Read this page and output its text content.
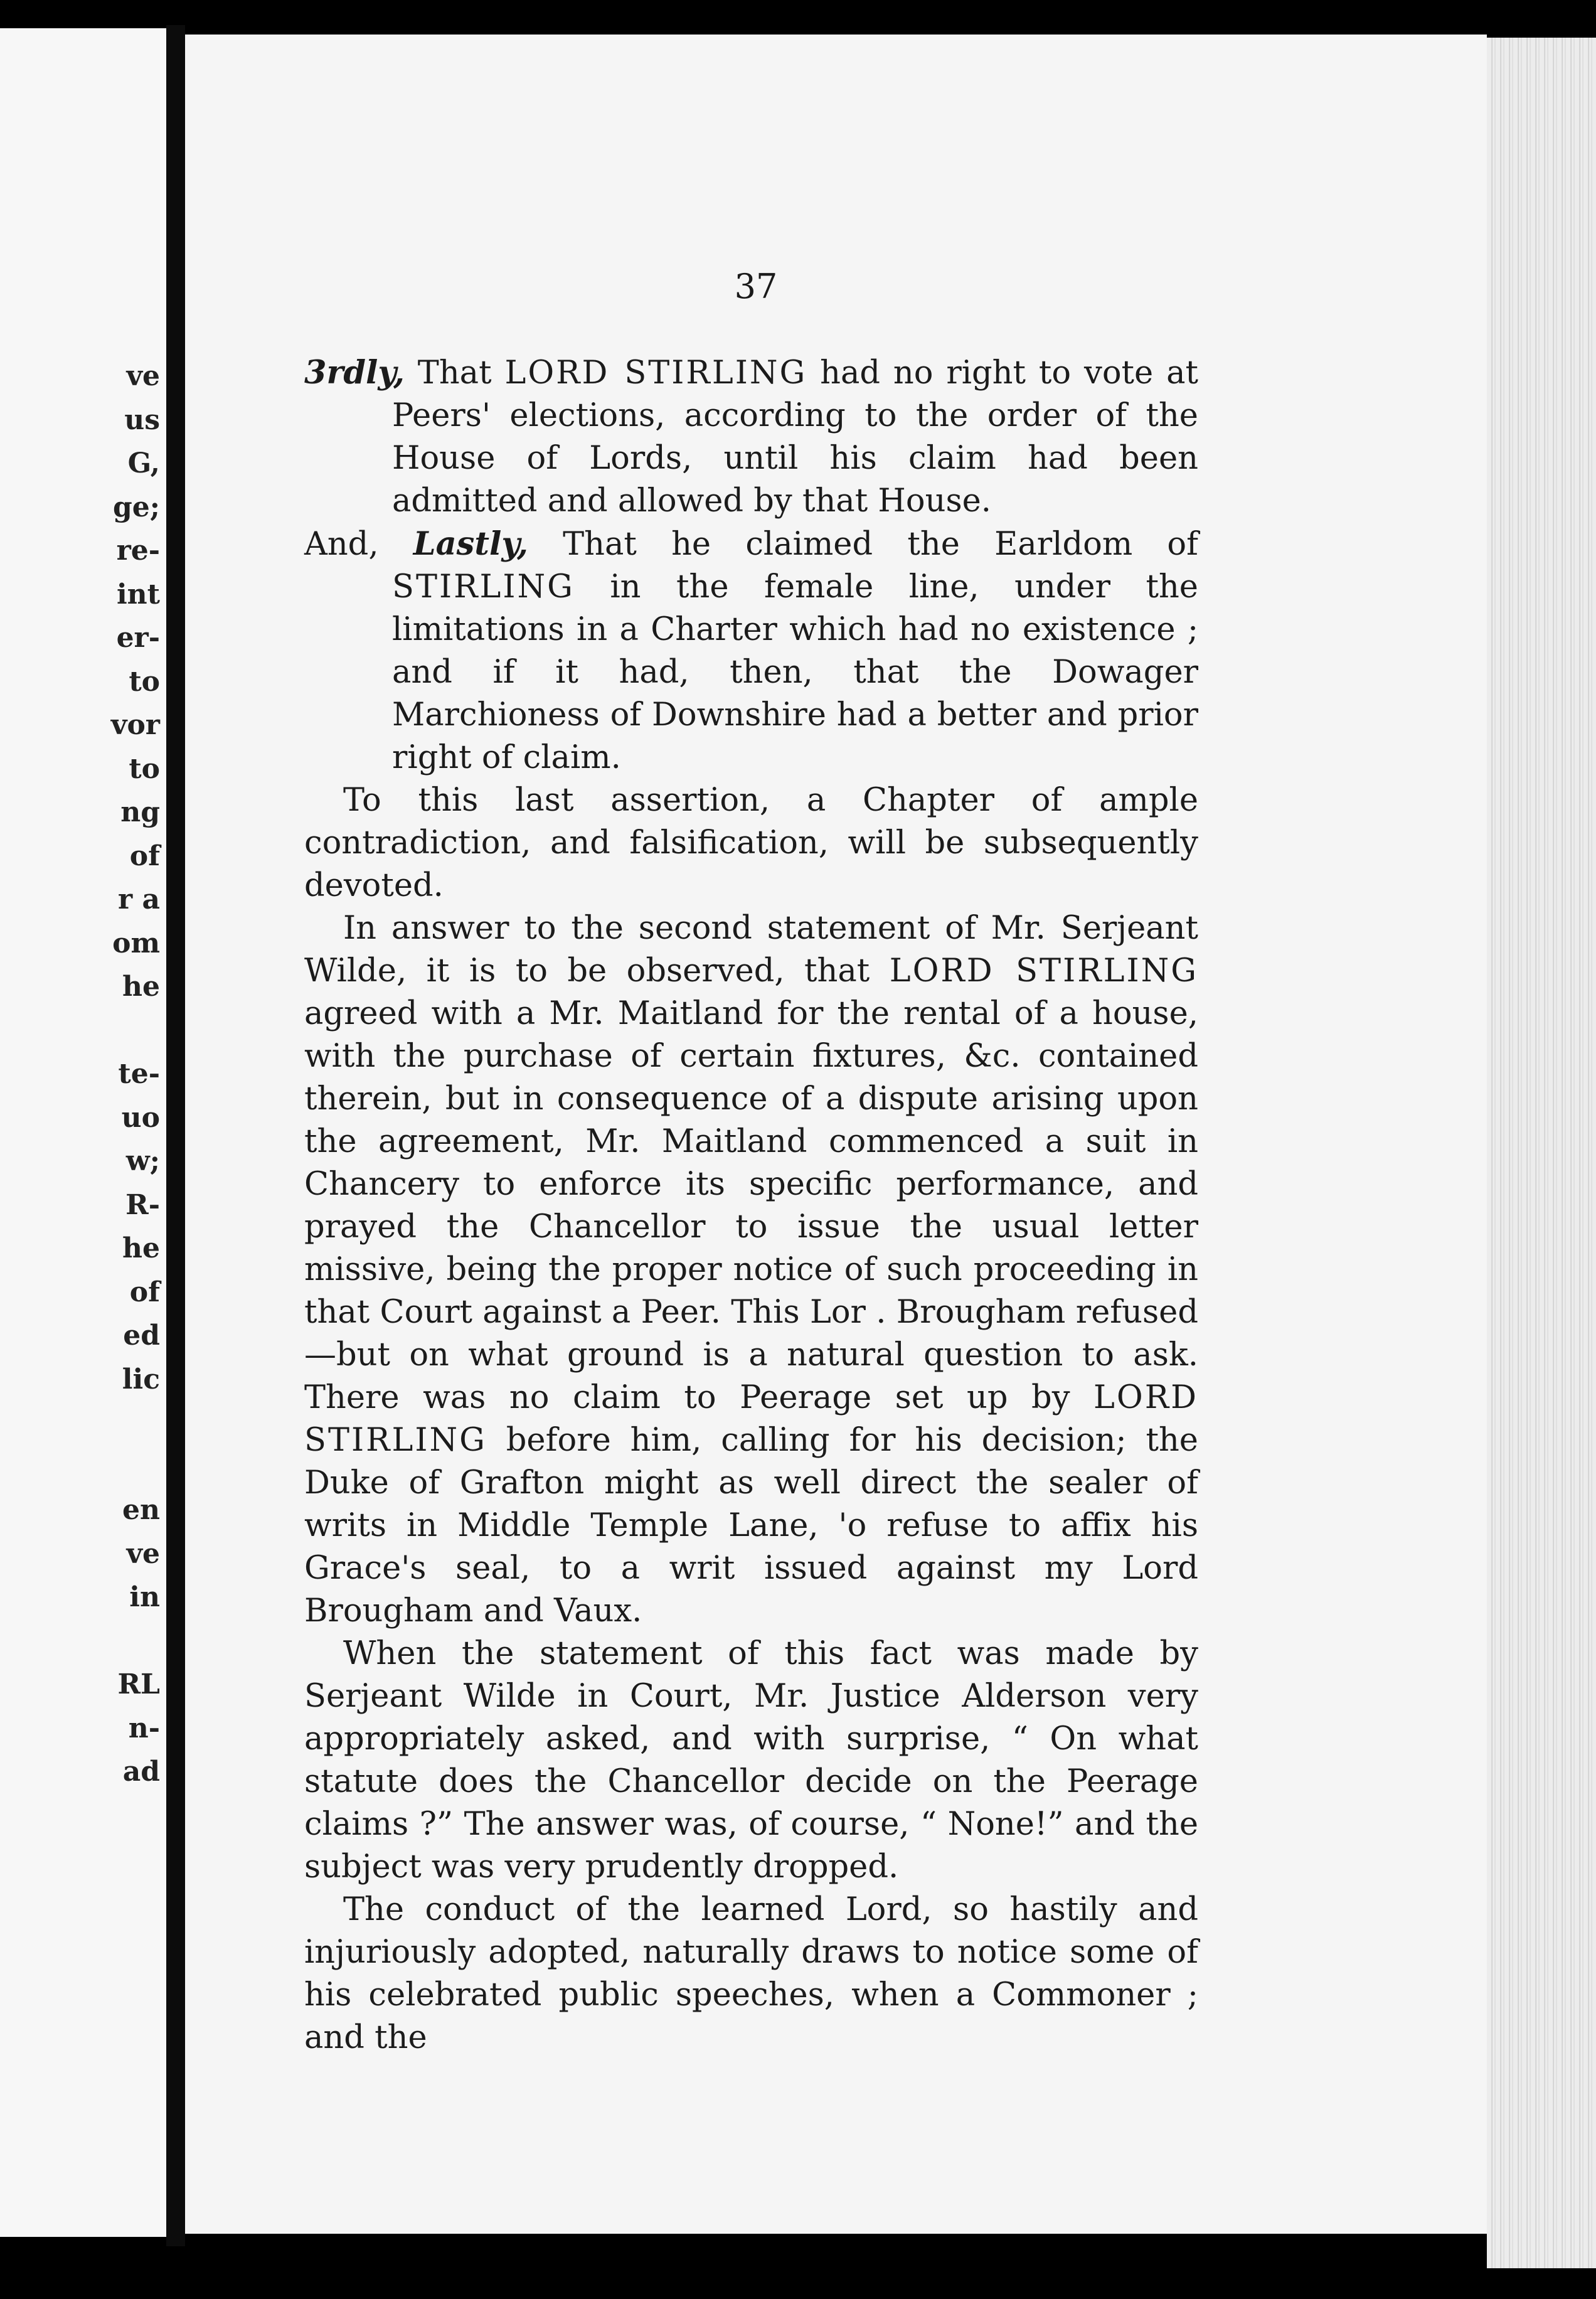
ve
us
G,
ge;
re-
int
er-
to
vor
to
ng
of
r a
om
he
te-
uo
w;
R-
he
of
ed
lic
en
ve
in
RL
n-
ad
37

3rdly, That LORD STIRLING had no right to vote at Peers' elections, according to the order of the House of Lords, until his claim had been admitted and allowed by that House.

And, Lastly, That he claimed the Earldom of STIRLING in the female line, under the limitations in a Charter which had no existence ; and if it had, then, that the Dowager Marchioness of Downshire had a better and prior right of claim.

To this last assertion, a Chapter of ample contradiction, and falsification, will be subsequently devoted.

In answer to the second statement of Mr. Serjeant Wilde, it is to be observed, that LORD STIRLING agreed with a Mr. Maitland for the rental of a house, with the purchase of certain fixtures, &c. contained therein, but in consequence of a dispute arising upon the agreement, Mr. Maitland commenced a suit in Chancery to enforce its specific performance, and prayed the Chancellor to issue the usual letter missive, being the proper notice of such proceeding in that Court against a Peer. This Lor . Brougham refused—but on what ground is a natural question to ask. There was no claim to Peerage set up by LORD STIRLING before him, calling for his decision; the Duke of Grafton might as well direct the sealer of writs in Middle Temple Lane, 'o refuse to affix his Grace's seal, to a writ issued against my Lord Brougham and Vaux.

When the statement of this fact was made by Serjeant Wilde in Court, Mr. Justice Alderson very appropriately asked, and with surprise, “ On what statute does the Chancellor decide on the Peerage claims ?” The answer was, of course, “ None!” and the subject was very prudently dropped.

The conduct of the learned Lord, so hastily and injuriously adopted, naturally draws to notice some of his celebrated public speeches, when a Commoner ; and the
